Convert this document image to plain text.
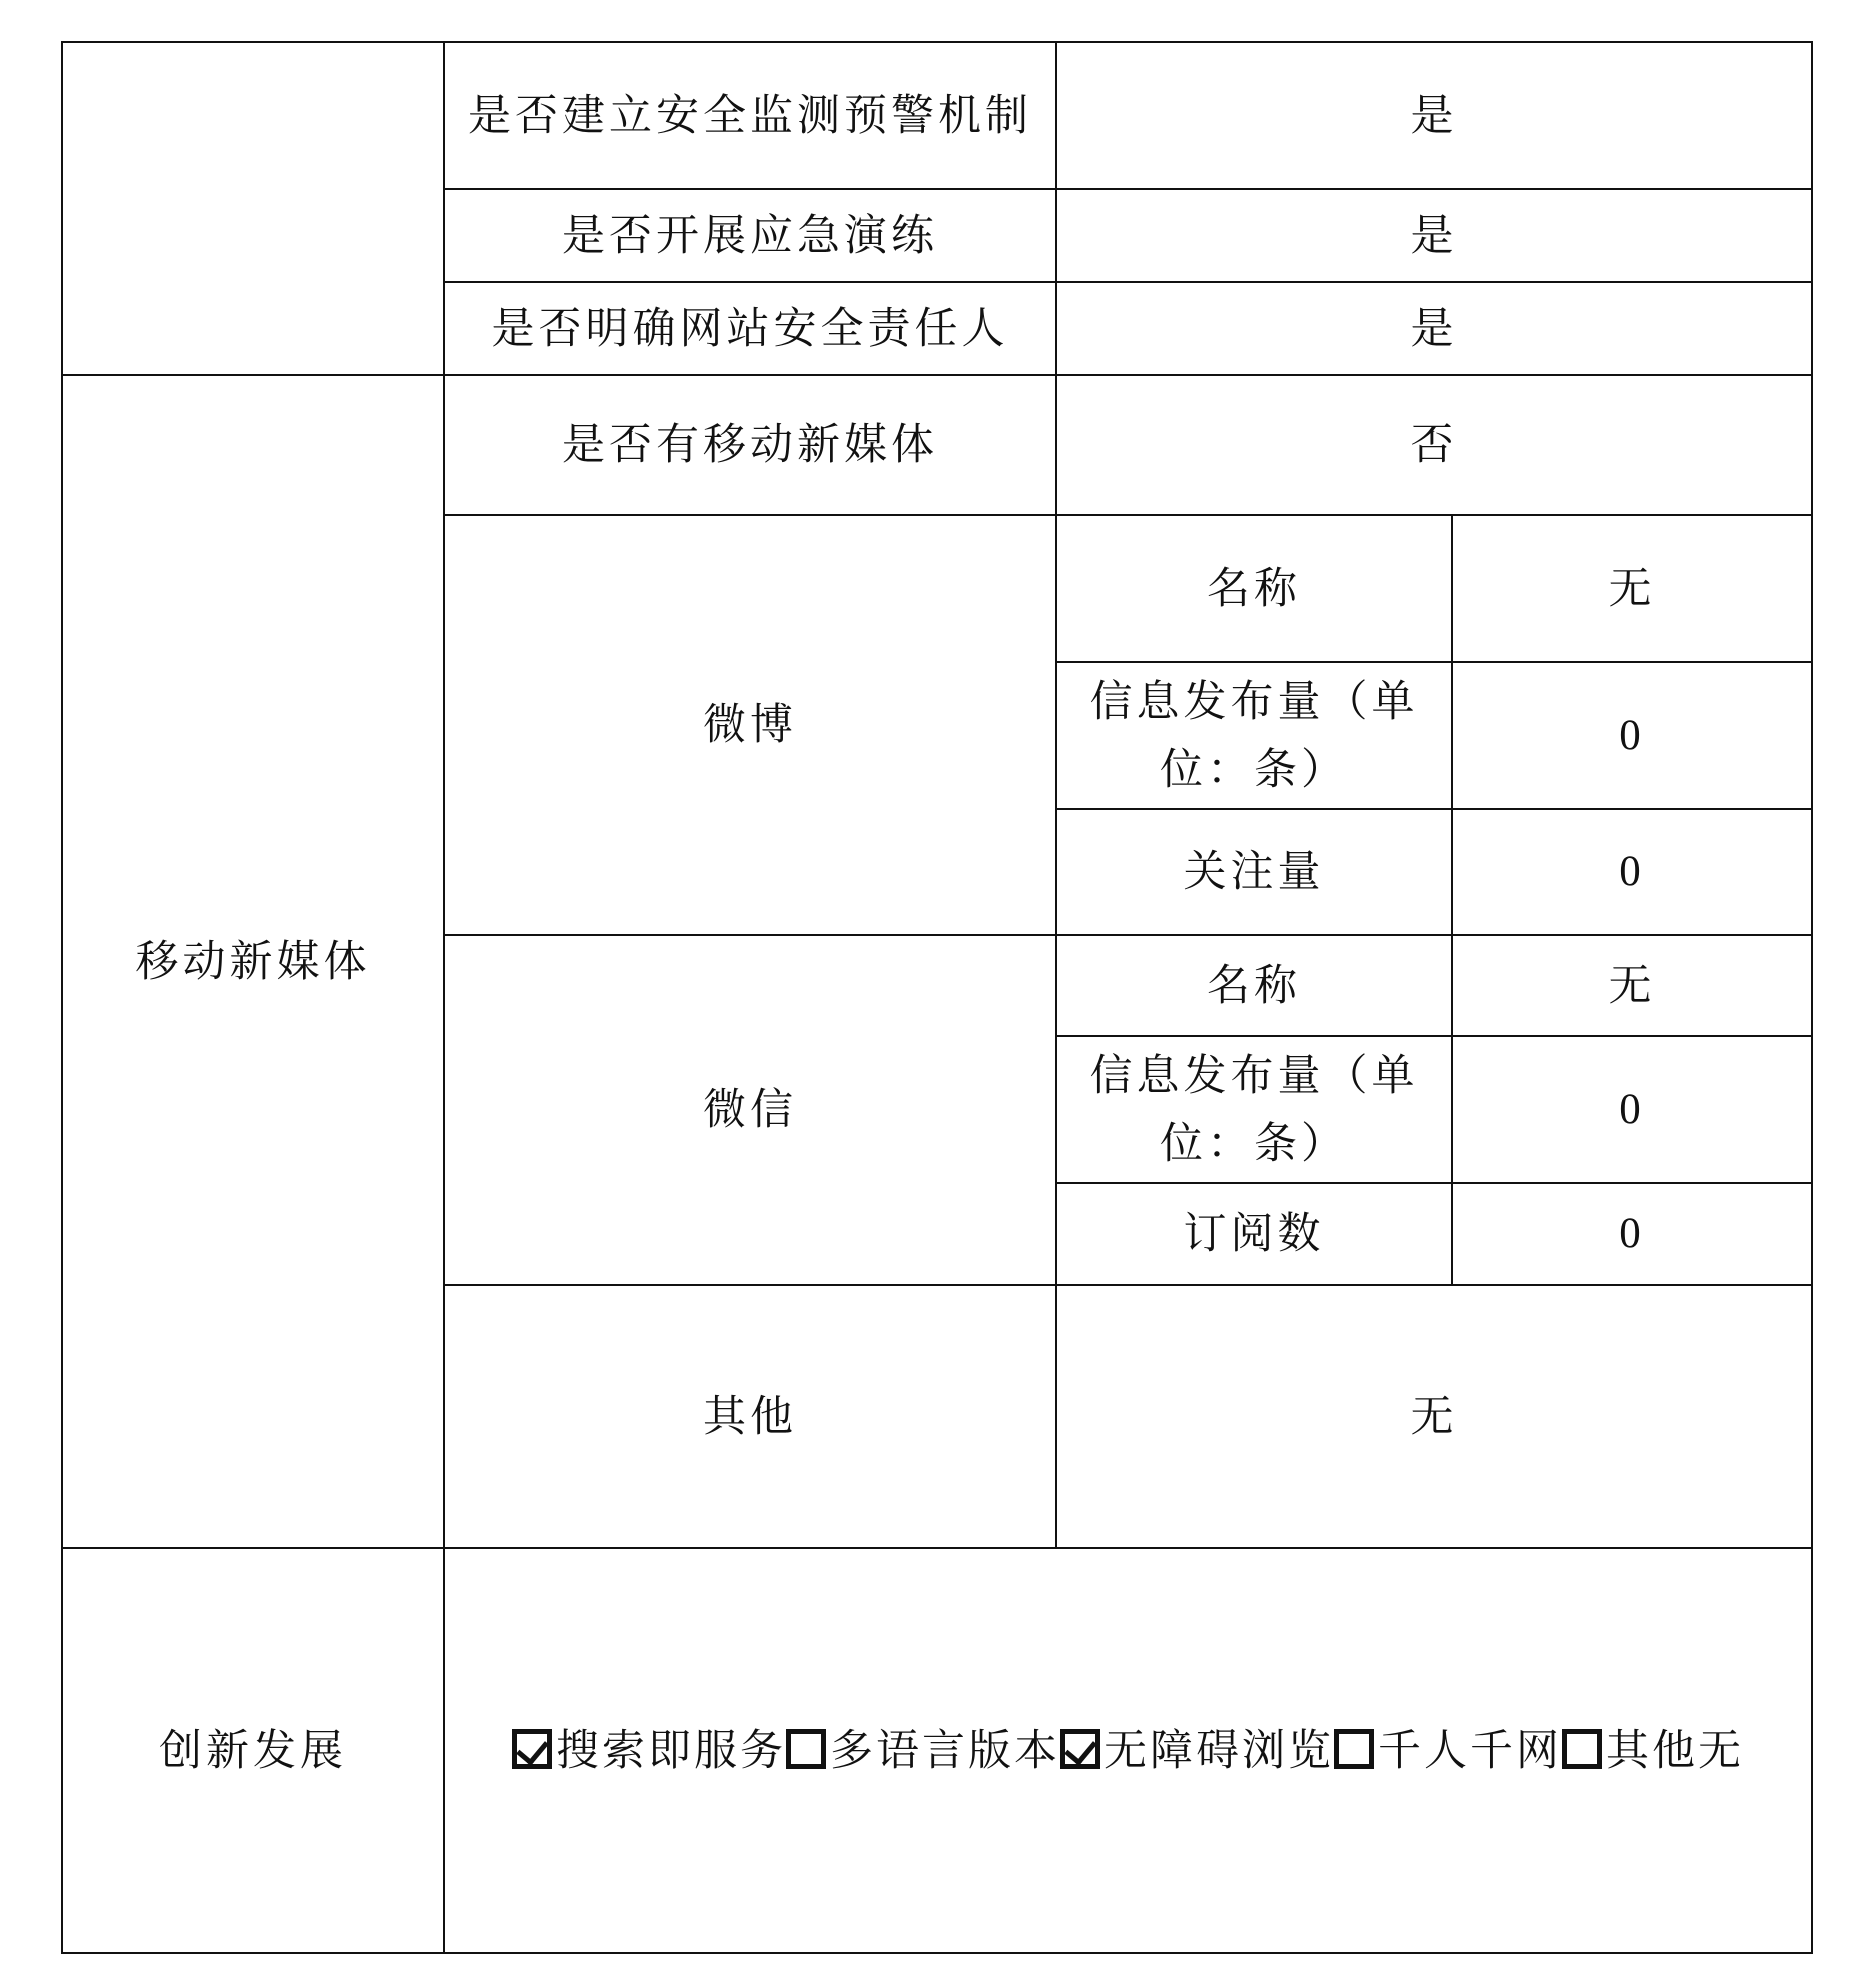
	是否建立安全监测预警机制	是	
	是否开展应急演练	是	
	是否明确网站安全责任人	是	
移动新媒体	是否有移动新媒体	否	
	微博	名称	无
		信息发布量（单位：条）	0
		关注量	0
	微信	名称	无
		信息发布量（单位：条）	0
		订阅数	0
	其他	无	
创新发展	搜索即服务 多语言版本 无障碍浏览 千人千网 其他无		
